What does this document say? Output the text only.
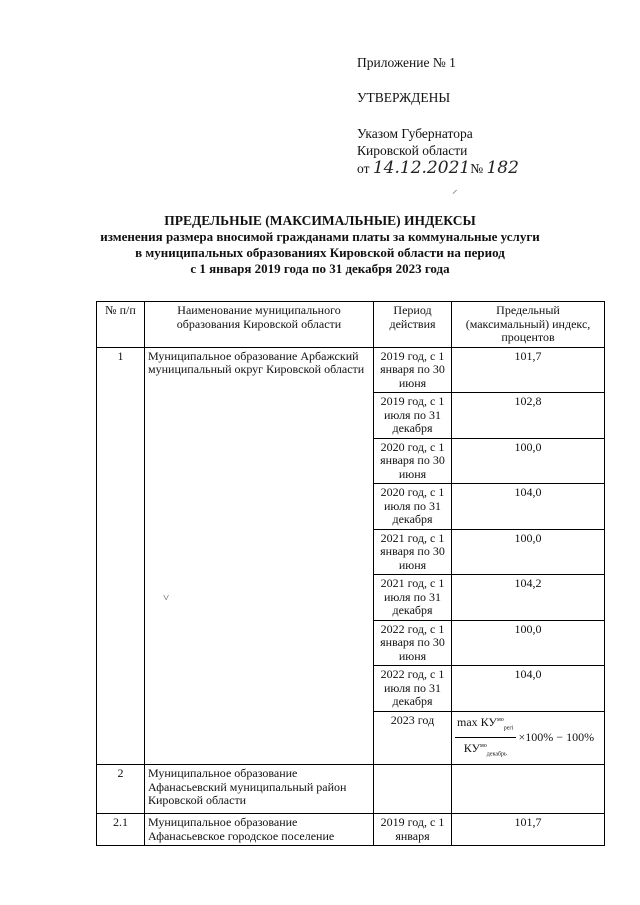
Приложение № 1
УТВЕРЖДЕНЫ
Указом Губернатора
Кировской области
от 14.12.2021№ 182
⸝
ПРЕДЕЛЬНЫЕ (МАКСИМАЛЬНЫЕ) ИНДЕКСЫ
изменения размера вносимой гражданами платы за коммунальные услуги
в муниципальных образованиях Кировской области на период
с 1 января 2019 года по 31 декабря 2023 года
№ п/п	Наименование муниципального образования Кировской области	Период действия	Предельный (максимальный) индекс, процентов
1	Муниципальное образование Арбажский муниципальный округ Кировской области	2019 год, с 1 января по 30 июня	101,7
		2019 год, с 1 июля по 31 декабря	102,8
		2020 год, с 1 января по 30 июня	100,0
		2020 год, с 1 июля по 31 декабря	104,0
		2021 год, с 1 января по 30 июня	100,0
		2021 год, с 1 июля по 31 декабря	104,2
		2022 год, с 1 января по 30 июня	100,0
		2022 год, с 1 июля по 31 декабря	104,0
		2023 год	$\frac{\max КУ^{мо}_{регі}}{КУ^{мо}_{декабрь}} \times 100\% - 100\%$
2	Муниципальное образование Афанасьевский муниципальный район Кировской области		
2.1	Муниципальное образование Афанасьевское городское поселение	2019 год, с 1 января	101,7
˅
